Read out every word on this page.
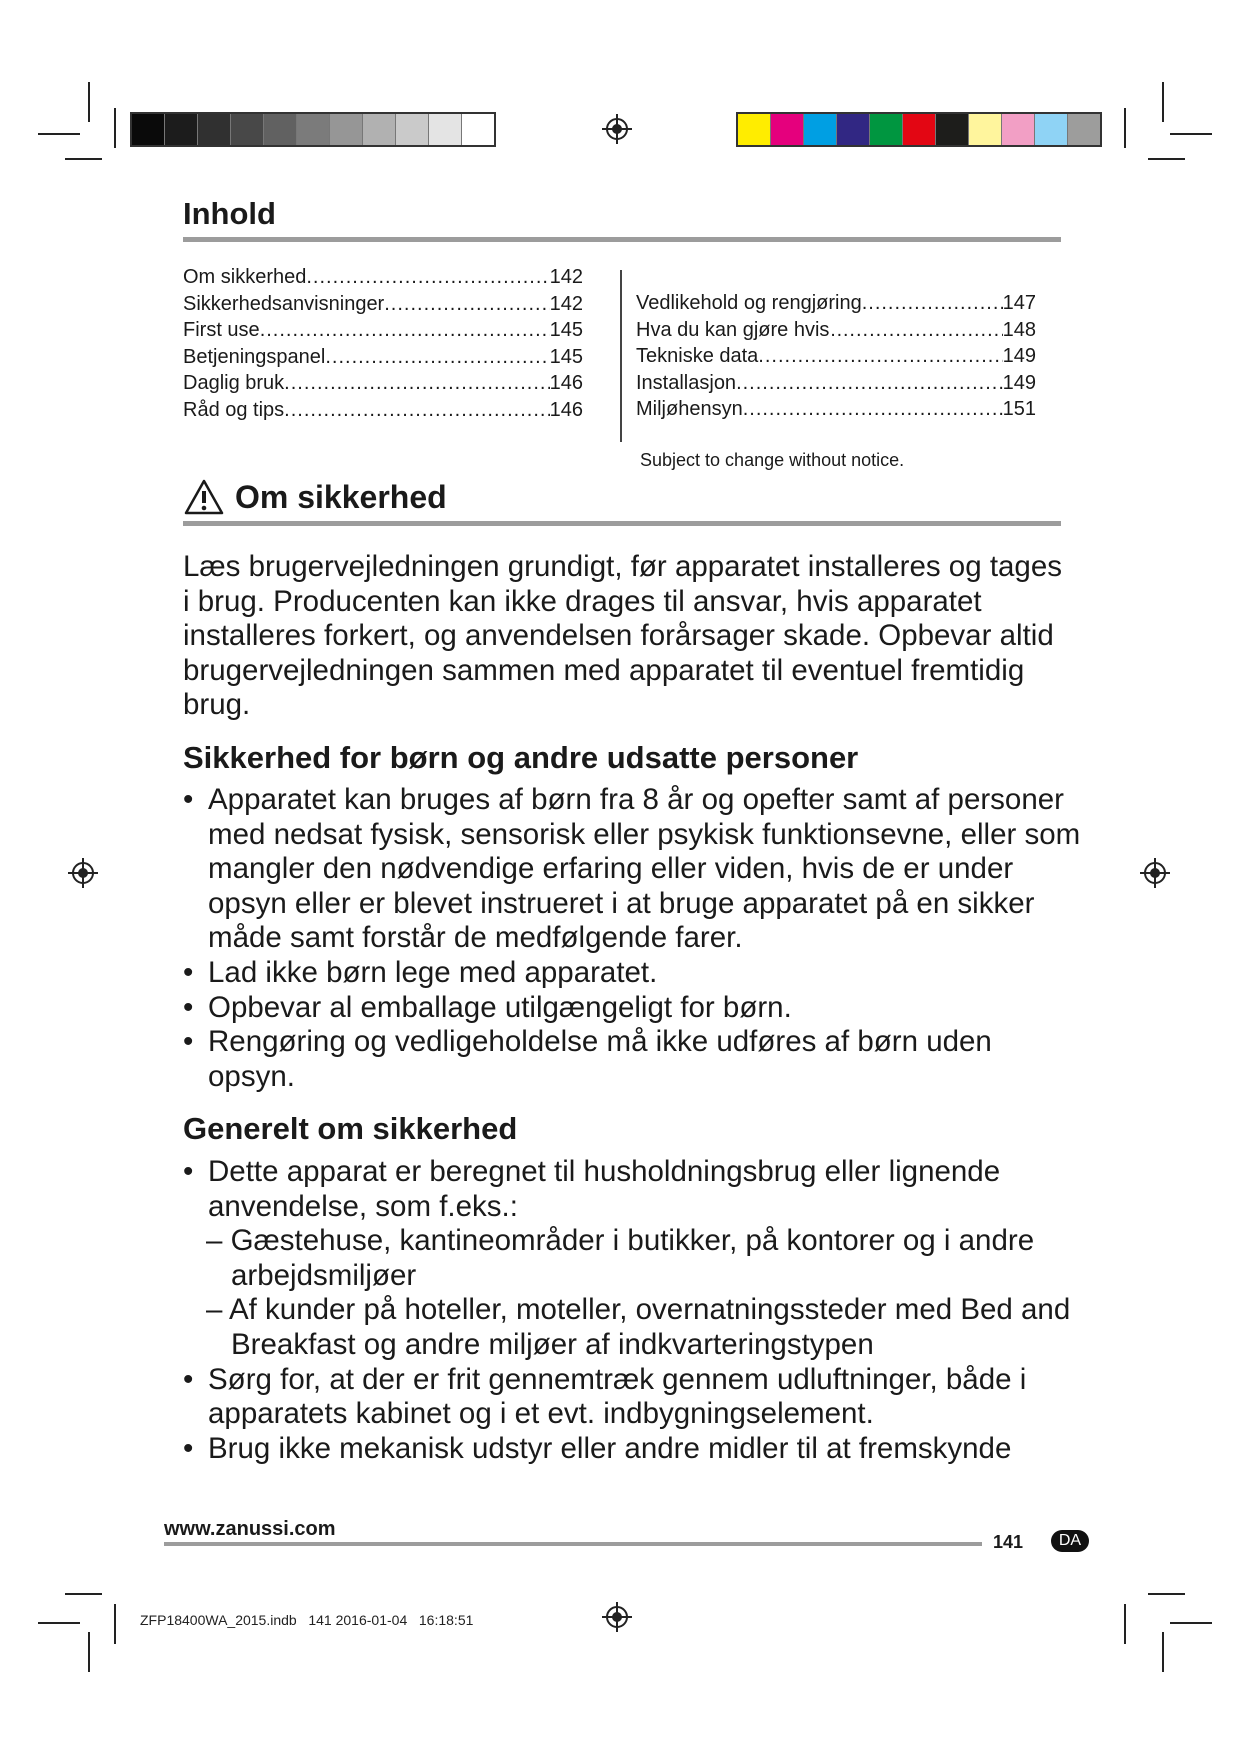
Inhold
Om sikkerhed .....	142
Sikkerhedsanvisninger .....	142
First use .....	145
Betjeningspanel .....	145
Daglig bruk .....	146
Råd og tips .....	146
Vedlikehold og rengjøring .....	147
Hva du kan gjøre hvis… .....	148
Tekniske data .....	149
Installasjon .....	149
Miljøhensyn .....	151
Subject to change without notice.
Om sikkerhed

Læs brugervejledningen grundigt, før apparatet installeres og tages i brug. Producenten kan ikke drages til ansvar, hvis apparatet installeres forkert, og anvendelsen forårsager skade. Opbevar altid brugervejledningen sammen med apparatet til eventuel fremtidig brug.

Sikkerhed for børn og andre udsatte personer
• Apparatet kan bruges af børn fra 8 år og opefter samt af personer med nedsat fysisk, sensorisk eller psykisk funktionsevne, eller som mangler den nødvendige erfaring eller viden, hvis de er under opsyn eller er blevet instrueret i at bruge apparatet på en sikker måde samt forstår de medfølgende farer.
• Lad ikke børn lege med apparatet.
• Opbevar al emballage utilgængeligt for børn.
• Rengøring og vedligeholdelse må ikke udføres af børn uden opsyn.
Generelt om sikkerhed
• Dette apparat er beregnet til husholdningsbrug eller lignende anvendelse, som f.eks.:
– Gæstehuse, kantineområder i butikker, på kontorer og i andre arbejdsmiljøer
– Af kunder på hoteller, moteller, overnatningssteder med Bed and Breakfast og andre miljøer af indkvarteringstypen
• Sørg for, at der er frit gennemtræk gennem udluftninger, både i apparatets kabinet og i et evt. indbygningselement.
• Brug ikke mekanisk udstyr eller andre midler til at fremskynde
www.zanussi.com
141	DA
ZFP18400WA_2015.indb   141 2016-01-04   16:18:51
